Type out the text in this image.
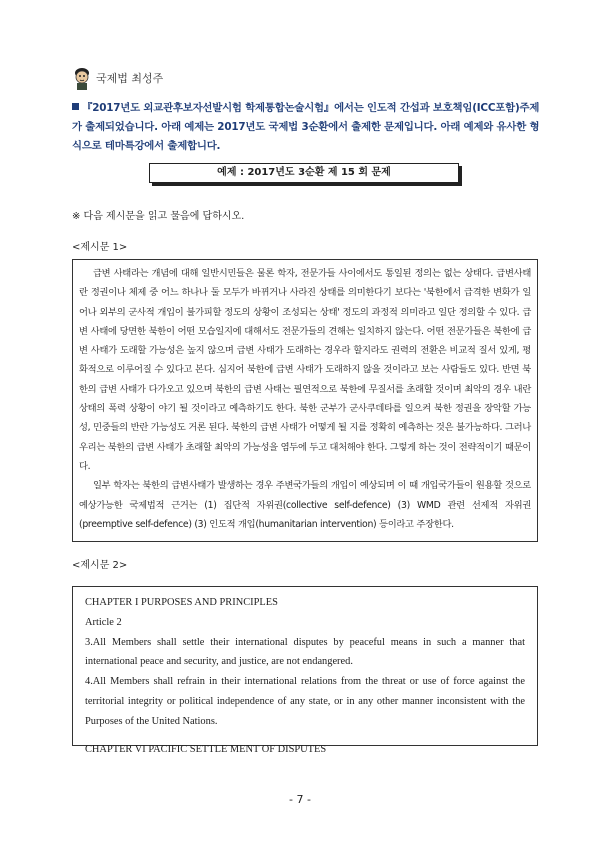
국제법 최성주
『2017년도 외교관후보자선발시험 학제통합논술시험』에서는 인도적 간섭과 보호책임(ICC포함)주제가 출제되었습니다. 아래 예제는 2017년도 국제법 3순환에서 출제한 문제입니다. 아래 예제와 유사한 형식으로 테마특강에서 출제합니다.
예제 : 2017년도 3순환 제 15 회 문제
※ 다음 제시문을 읽고 물음에 답하시오.
<제시문 1>

급변 사태라는 개념에 대해 일반시민들은 물론 학자, 전문가들 사이에서도 통일된 정의는 없는 상태다. 급변사태란 정권이나 체제 중 어느 하나나 둘 모두가 바뀌거나 사라진 상태를 의미한다기 보다는 '북한에서 급격한 변화가 일어나 외부의 군사적 개입이 불가피할 정도의 상황이 조성되는 상태' 정도의 과정적 의미라고 일단 정의할 수 있다. 급변 사태에 당면한 북한이 어떤 모습일지에 대해서도 전문가들의 견해는 일치하지 않는다. 어떤 전문가들은 북한에 급변 사태가 도래할 가능성은 높지 않으며 급변 사태가 도래하는 경우라 할지라도 권력의 전환은 비교적 질서 있게, 평화적으로 이루어질 수 있다고 본다. 심지어 북한에 급변 사태가 도래하지 않을 것이라고 보는 사람들도 있다. 반면 북한의 급변 사태가 다가오고 있으며 북한의 급변 사태는 필연적으로 북한에 무질서를 초래할 것이며 최악의 경우 내란 상태의 폭력 상황이 야기 될 것이라고 예측하기도 한다. 북한 군부가 군사쿠데타를 일으켜 북한 정권을 장악할 가능성, 민중들의 반란 가능성도 거론 된다. 북한의 급변 사태가 어떻게 될 지를 정확히 예측하는 것은 불가능하다. 그러나 우리는 북한의 급변 사태가 초래할 최악의 가능성을 염두에 두고 대처해야 한다. 그렇게 하는 것이 전략적이기 때문이다.

일부 학자는 북한의 급변사태가 발생하는 경우 주변국가들의 개입이 예상되며 이 때 개입국가들이 원용할 것으로 예상가능한 국제법적 근거는 (1) 집단적 자위권(collective self-defence) (3) WMD 관련 선제적 자위권(preemptive self-defence) (3) 인도적 개입(humanitarian intervention) 등이라고 주장한다.

<제시문 2>
CHAPTER I PURPOSES AND PRINCIPLES
Article 2
3.All Members shall settle their international disputes by peaceful means in such a manner that international peace and security, and justice, are not endangered.
4.All Members shall refrain in their international relations from the threat or use of force against the territorial integrity or political independence of any state, or in any other manner inconsistent with the Purposes of the United Nations.
CHAPTER VI PACIFIC SETTLE MENT OF DISPUTES
- 7 -
